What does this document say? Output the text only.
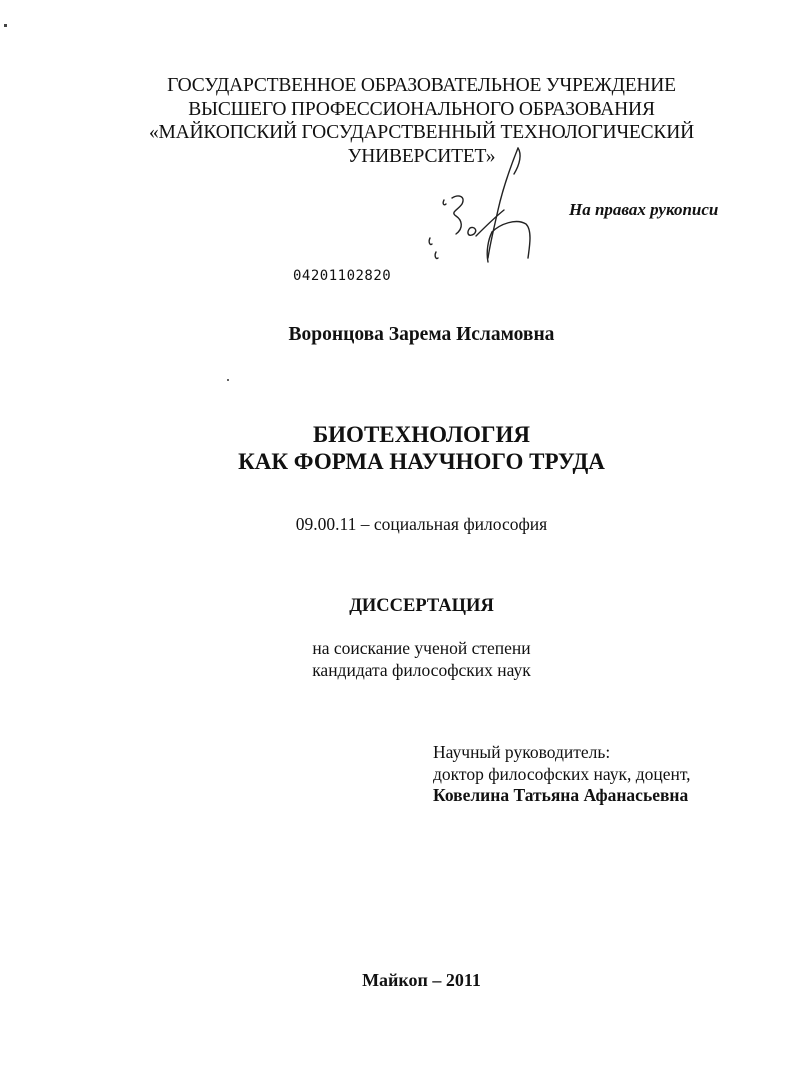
ГОСУДАРСТВЕННОЕ ОБРАЗОВАТЕЛЬНОЕ УЧРЕЖДЕНИЕ
ВЫСШЕГО ПРОФЕССИОНАЛЬНОГО ОБРАЗОВАНИЯ
«МАЙКОПСКИЙ ГОСУДАРСТВЕННЫЙ ТЕХНОЛОГИЧЕСКИЙ
УНИВЕРСИТЕТ»
На правах рукописи
04201102820
Воронцова Зарема Исламовна
БИОТЕХНОЛОГИЯ
КАК ФОРМА НАУЧНОГО ТРУДА
09.00.11 – социальная философия
ДИССЕРТАЦИЯ
на соискание ученой степени
кандидата философских наук
Научный руководитель:
доктор философских наук, доцент,
Ковелина Татьяна Афанасьевна
Майкоп – 2011
